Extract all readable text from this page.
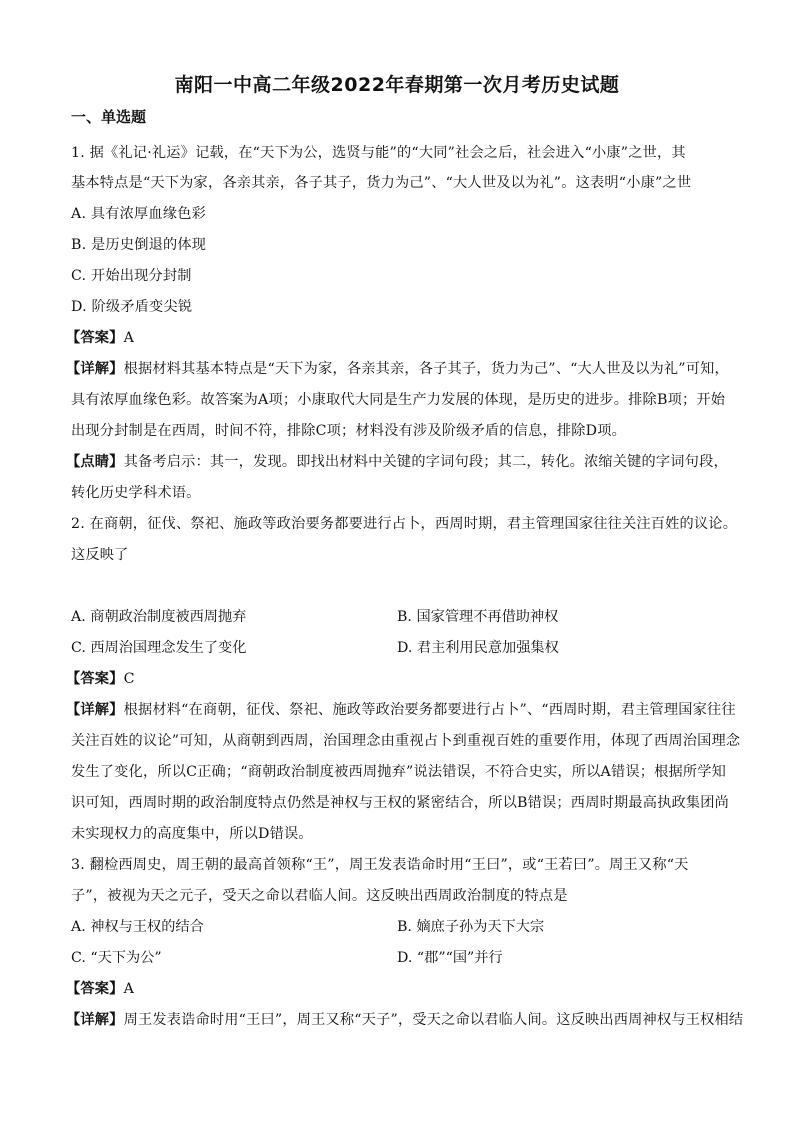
南阳一中高二年级2022年春期第一次月考历史试题
一、单选题
1. 据《礼记·礼运》记载，在“天下为公，选贤与能”的“大同”社会之后，社会进入“小康”之世，其
基本特点是“天下为家，各亲其亲，各子其子，货力为己”、“大人世及以为礼”。这表明“小康”之世
A. 具有浓厚血缘色彩
B. 是历史倒退的体现
C. 开始出现分封制
D. 阶级矛盾变尖锐
【答案】A
【详解】根据材料其基本特点是“天下为家，各亲其亲，各子其子，货力为己”、“大人世及以为礼”可知，
具有浓厚血缘色彩。故答案为A项；小康取代大同是生产力发展的体现，是历史的进步。排除B项；开始
出现分封制是在西周，时间不符，排除C项；材料没有涉及阶级矛盾的信息，排除D项。
【点睛】其备考启示：其一，发现。即找出材料中关键的字词句段；其二，转化。浓缩关键的字词句段，
转化历史学科术语。
2. 在商朝，征伐、祭祀、施政等政治要务都要进行占卜，西周时期，君主管理国家往往关注百姓的议论。
这反映了
A. 商朝政治制度被西周抛弃	B. 国家管理不再借助神权
C. 西周治国理念发生了变化	D. 君主利用民意加强集权
【答案】C
【详解】根据材料“在商朝，征伐、祭祀、施政等政治要务都要进行占卜”、“西周时期，君主管理国家往往
关注百姓的议论”可知，从商朝到西周，治国理念由重视占卜到重视百姓的重要作用，体现了西周治国理念
发生了变化，所以C正确；“商朝政治制度被西周抛弃”说法错误，不符合史实，所以A错误；根据所学知
识可知，西周时期的政治制度特点仍然是神权与王权的紧密结合，所以B错误；西周时期最高执政集团尚
未实现权力的高度集中，所以D错误。
3. 翻检西周史，周王朝的最高首领称“王”，周王发表诰命时用“王曰”，或“王若曰”。周王又称“天
子”，被视为天之元子，受天之命以君临人间。这反映出西周政治制度的特点是
A. 神权与王权的结合	B. 嫡庶子孙为天下大宗
C. “天下为公”	D. “郡”“国”并行
【答案】A
【详解】周王发表诰命时用“王曰”，周王又称“天子”，受天之命以君临人间。这反映出西周神权与王权相结
